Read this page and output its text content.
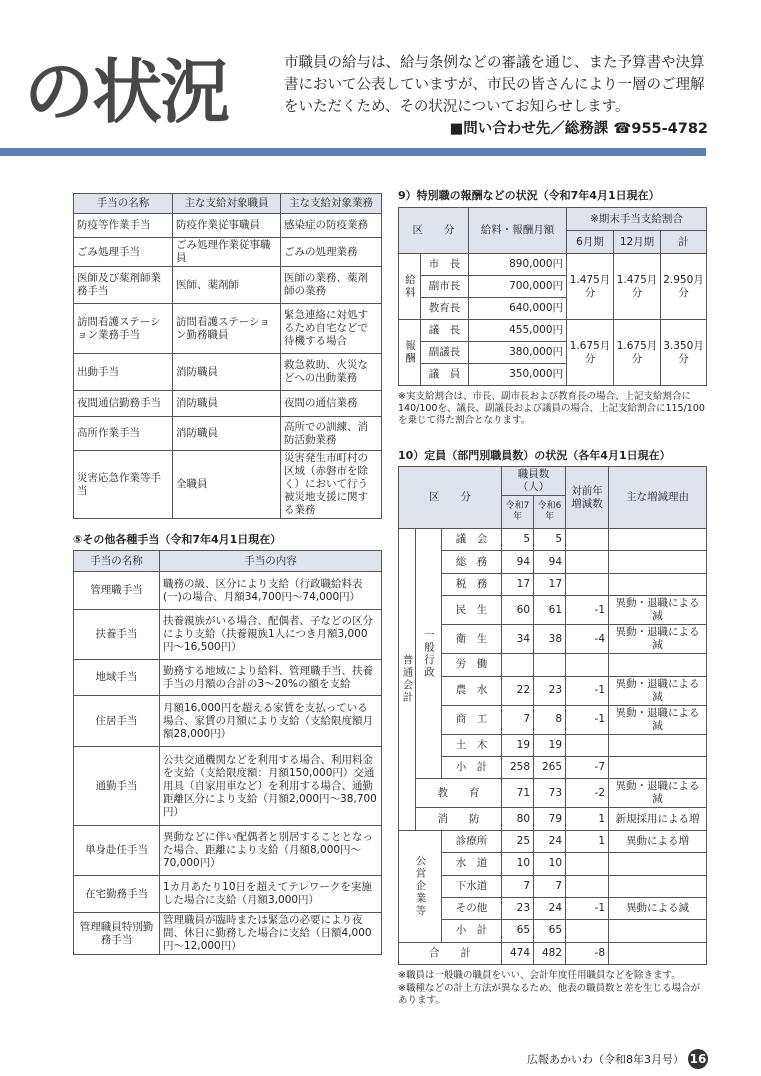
の状況	市職員の給与は、給与条例などの審議を通じ、また予算書や決算書において公表していますが、市民の皆さんにより一層のご理解をいただくため、その状況についてお知らせします。
■問い合わせ先／総務課 ☎955-4782
手当の名称	主な支給対象職員	主な支給対象業務
防疫等作業手当	防疫作業従事職員	感染症の防疫業務
ごみ処理手当	ごみ処理作業従事職員	ごみの処理業務
医師及び薬剤師業務手当	医師、薬剤師	医師の業務、薬剤師の業務
訪問看護ステーション業務手当	訪問看護ステーション勤務職員	緊急連絡に対処するため自宅などで待機する場合
出動手当	消防職員	救急救助、火災などへの出動業務
夜間通信勤務手当	消防職員	夜間の通信業務
高所作業手当	消防職員	高所での訓練、消防活動業務
災害応急作業等手当	全職員	災害発生市町村の区域（赤磐市を除く）において行う被災地支援に関する業務
⑤その他各種手当（令和7年4月1日現在）
手当の名称	手当の内容
管理職手当	職務の級、区分により支給（行政職給料表(一)の場合、月額34,700円～74,000円）
扶養手当	扶養親族がいる場合、配偶者、子などの区分により支給（扶養親族1人につき月額3,000円～16,500円）
地域手当	勤務する地域により給料、管理職手当、扶養手当の月額の合計の3～20%の額を支給
住居手当	月額16,000円を超える家賃を支払っている場合、家賃の月額により支給（支給限度額月額28,000円）
通勤手当	公共交通機関などを利用する場合、利用料金を支給（支給限度額：月額150,000円）交通用具（自家用車など）を利用する場合、通勤距離区分により支給（月額2,000円～38,700円）
単身赴任手当	異動などに伴い配偶者と別居することとなった場合、距離により支給（月額8,000円～70,000円）
在宅勤務手当	1カ月あたり10日を超えてテレワークを実施した場合に支給（月額3,000円）
管理職員特別勤務手当	管理職員が臨時または緊急の必要により夜間、休日に勤務した場合に支給（日額4,000円～12,000円）
9）特別職の報酬などの状況（令和7年4月1日現在）
区　　分		給料・報酬月額	※期末手当支給割合		
			6月期	12月期	計
給料	市　長	890,000円	1.475月分	1.475月分	2.950月分
	副市長	700,000円			
	教育長	640,000円			
報酬	議　長	455,000円	1.675月分	1.675月分	3.350月分
	副議長	380,000円			
	議　員	350,000円			
※実支給割合は、市長、副市長および教育長の場合、上記支給割合に140/100を、議長、副議長および議員の場合、上記支給割合に115/100を乗じて得た割合となります。
10）定員（部門別職員数）の状況（各年4月1日現在）
区　　分			職員数（人）		対前年増減数	主な増減理由
			令和7年	令和6年		
普通会計	一般行政	議　会	5	5		
		総　務	94	94		
		税　務	17	17		
		民　生	60	61	-1	異動・退職による減
		衛　生	34	38	-4	異動・退職による減
		労　働				
		農　水	22	23	-1	異動・退職による減
		商　工	7	8	-1	異動・退職による減
		土　木	19	19		
		小　計	258	265	-7	
	教　　育		71	73	-2	異動・退職による減
	消　　防		80	79	1	新規採用による増
公営企業等		診療所	25	24	1	異動による増
		水　道	10	10		
		下水道	7	7		
		その他	23	24	-1	異動による減
		小　計	65	65		
合　　計			474	482	-8	
※職員は一般職の職員をいい、会計年度任用職員などを除きます。
※職種などの計上方法が異なるため、他表の職員数と差を生じる場合があります。
広報あかいわ（令和8年3月号） 16
